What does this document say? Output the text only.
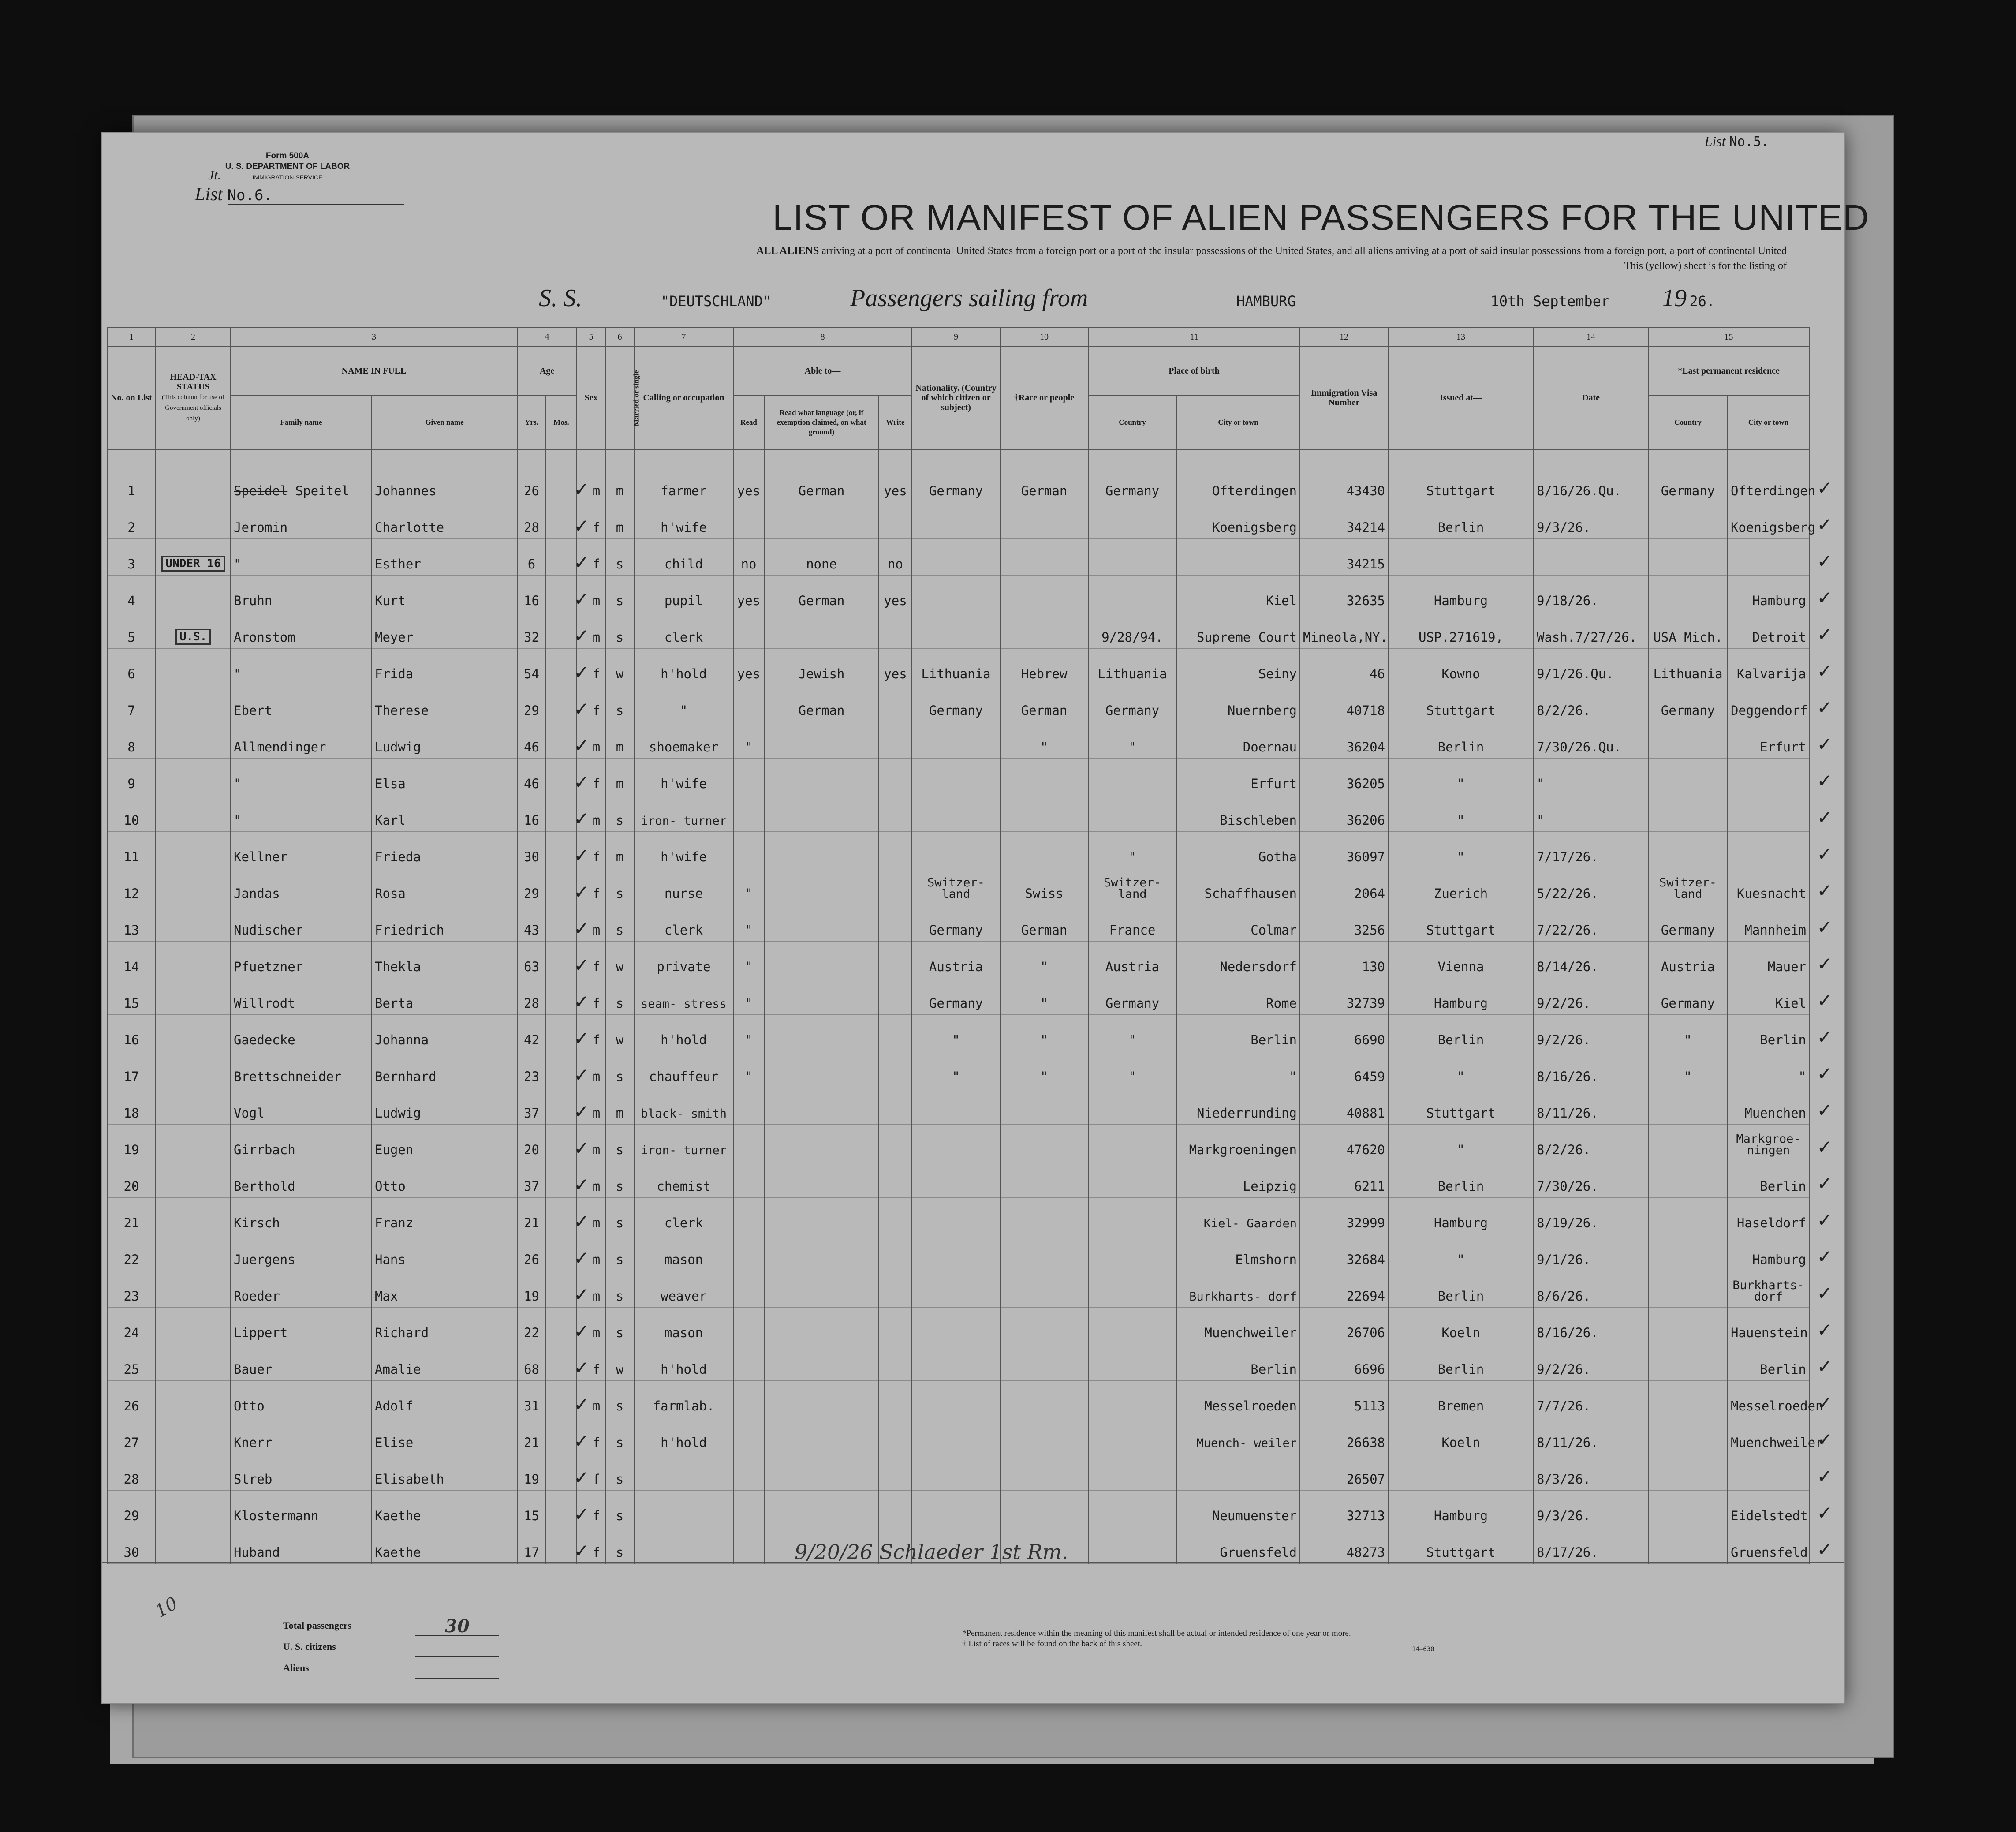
Form 500A
U. S. DEPARTMENT OF LABOR
IMMIGRATION SERVICE
Jt.
List No.6.
List No.5.
LIST OR MANIFEST OF ALIEN PASSENGERS FOR THE UNITED
ALL ALIENS arriving at a port of continental United States from a foreign port or a port of the insular possessions of the United States, and all aliens arriving at a port of said insular possessions from a foreign port, a port of continental United
This (yellow) sheet is for the listing of
S. S.	"DEUTSCHLAND"	Passengers sailing from	HAMBURG	10th September 19 26.
1	2	3		4		5	6	7	8			9	10	11		12	13	14	15		
No. on List	HEAD-TAX STATUS
(This column for use of Government officials only)	NAME IN FULL		Age		Sex	Married or single	Calling or occupation	Able to—			Nationality. (Country of which citizen or subject)	†Race or people	Place of birth		Immigration Visa Number	Issued at—	Date	*Last permanent residence		
		Family name	Given name	Yrs.	Mos.				Read	Read what language (or, if exemption claimed, on what ground)	Write			Country	City or town				Country	City or town	

1		Speidel Speitel	Johannes	26		✓ m	m	farmer	yes	German	yes	Germany	German	Germany	Ofterdingen	43430	Stuttgart	8/16/26.Qu.	Germany	Ofterdingen	✓
2		Jeromin	Charlotte	28		✓ f	m	h'wife							Koenigsberg	34214	Berlin	9/3/26.		Koenigsberg	✓
3	UNDER 16	"	Esther	6		✓ f	s	child	no	none	no					34215					✓
4		Bruhn	Kurt	16		✓ m	s	pupil	yes	German	yes				Kiel	32635	Hamburg	9/18/26.		Hamburg	✓
5	U.S.	Aronstom	Meyer	32		✓ m	s	clerk						9/28/94.	Supreme Court	Mineola,NY.	USP.271619,	Wash.7/27/26.	USA Mich.	Detroit	✓
6		"	Frida	54		✓ f	w	h'hold	yes	Jewish	yes	Lithuania	Hebrew	Lithuania	Seiny	46	Kowno	9/1/26.Qu.	Lithuania	Kalvarija	✓
7		Ebert	Therese	29		✓ f	s	"		German		Germany	German	Germany	Nuernberg	40718	Stuttgart	8/2/26.	Germany	Deggendorf	✓
8		Allmendinger	Ludwig	46		✓ m	m	shoemaker	"				"	"	Doernau	36204	Berlin	7/30/26.Qu.		Erfurt	✓
9		"	Elsa	46		✓ f	m	h'wife							Erfurt	36205	"	"			✓
10		"	Karl	16		✓ m	s	iron- turner							Bischleben	36206	"	"			✓
11		Kellner	Frieda	30		✓ f	m	h'wife						"	Gotha	36097	"	7/17/26.			✓
12		Jandas	Rosa	29		✓ f	s	nurse	"			Switzer- land	Swiss	Switzer- land	Schaffhausen	2064	Zuerich	5/22/26.	Switzer- land	Kuesnacht	✓
13		Nudischer	Friedrich	43		✓ m	s	clerk	"			Germany	German	France	Colmar	3256	Stuttgart	7/22/26.	Germany	Mannheim	✓
14		Pfuetzner	Thekla	63		✓ f	w	private	"			Austria	"	Austria	Nedersdorf	130	Vienna	8/14/26.	Austria	Mauer	✓
15		Willrodt	Berta	28		✓ f	s	seam- stress	"			Germany	"	Germany	Rome	32739	Hamburg	9/2/26.	Germany	Kiel	✓
16		Gaedecke	Johanna	42		✓ f	w	h'hold	"			"	"	"	Berlin	6690	Berlin	9/2/26.	"	Berlin	✓
17		Brettschneider	Bernhard	23		✓ m	s	chauffeur	"			"	"	"	"	6459	"	8/16/26.	"	"	✓
18		Vogl	Ludwig	37		✓ m	m	black- smith							Niederrunding	40881	Stuttgart	8/11/26.		Muenchen	✓
19		Girrbach	Eugen	20		✓ m	s	iron- turner							Markgroeningen	47620	"	8/2/26.		Markgroe- ningen	✓
20		Berthold	Otto	37		✓ m	s	chemist							Leipzig	6211	Berlin	7/30/26.		Berlin	✓
21		Kirsch	Franz	21		✓ m	s	clerk							Kiel- Gaarden	32999	Hamburg	8/19/26.		Haseldorf	✓
22		Juergens	Hans	26		✓ m	s	mason							Elmshorn	32684	"	9/1/26.		Hamburg	✓
23		Roeder	Max	19		✓ m	s	weaver							Burkharts- dorf	22694	Berlin	8/6/26.		Burkharts- dorf	✓
24		Lippert	Richard	22		✓ m	s	mason							Muenchweiler	26706	Koeln	8/16/26.		Hauenstein	✓
25		Bauer	Amalie	68		✓ f	w	h'hold							Berlin	6696	Berlin	9/2/26.		Berlin	✓
26		Otto	Adolf	31		✓ m	s	farmlab.							Messelroeden	5113	Bremen	7/7/26.		Messelroeden	✓
27		Knerr	Elise	21		✓ f	s	h'hold							Muench- weiler	26638	Koeln	8/11/26.		Muenchweiler	✓
28		Streb	Elisabeth	19		✓ f	s									26507		8/3/26.			✓
29		Klostermann	Kaethe	15		✓ f	s								Neumuenster	32713	Hamburg	9/3/26.		Eidelstedt	✓
30		Huband	Kaethe	17		✓ f	s								Gruensfeld	48273	Stuttgart	8/17/26.		Gruensfeld	✓
9/20/26 Schlaeder 1st Rm.
10
Total passengers	30
U. S. citizens
Aliens
*Permanent residence within the meaning of this manifest shall be actual or intended residence of one year or more.
† List of races will be found on the back of this sheet.
14—630
